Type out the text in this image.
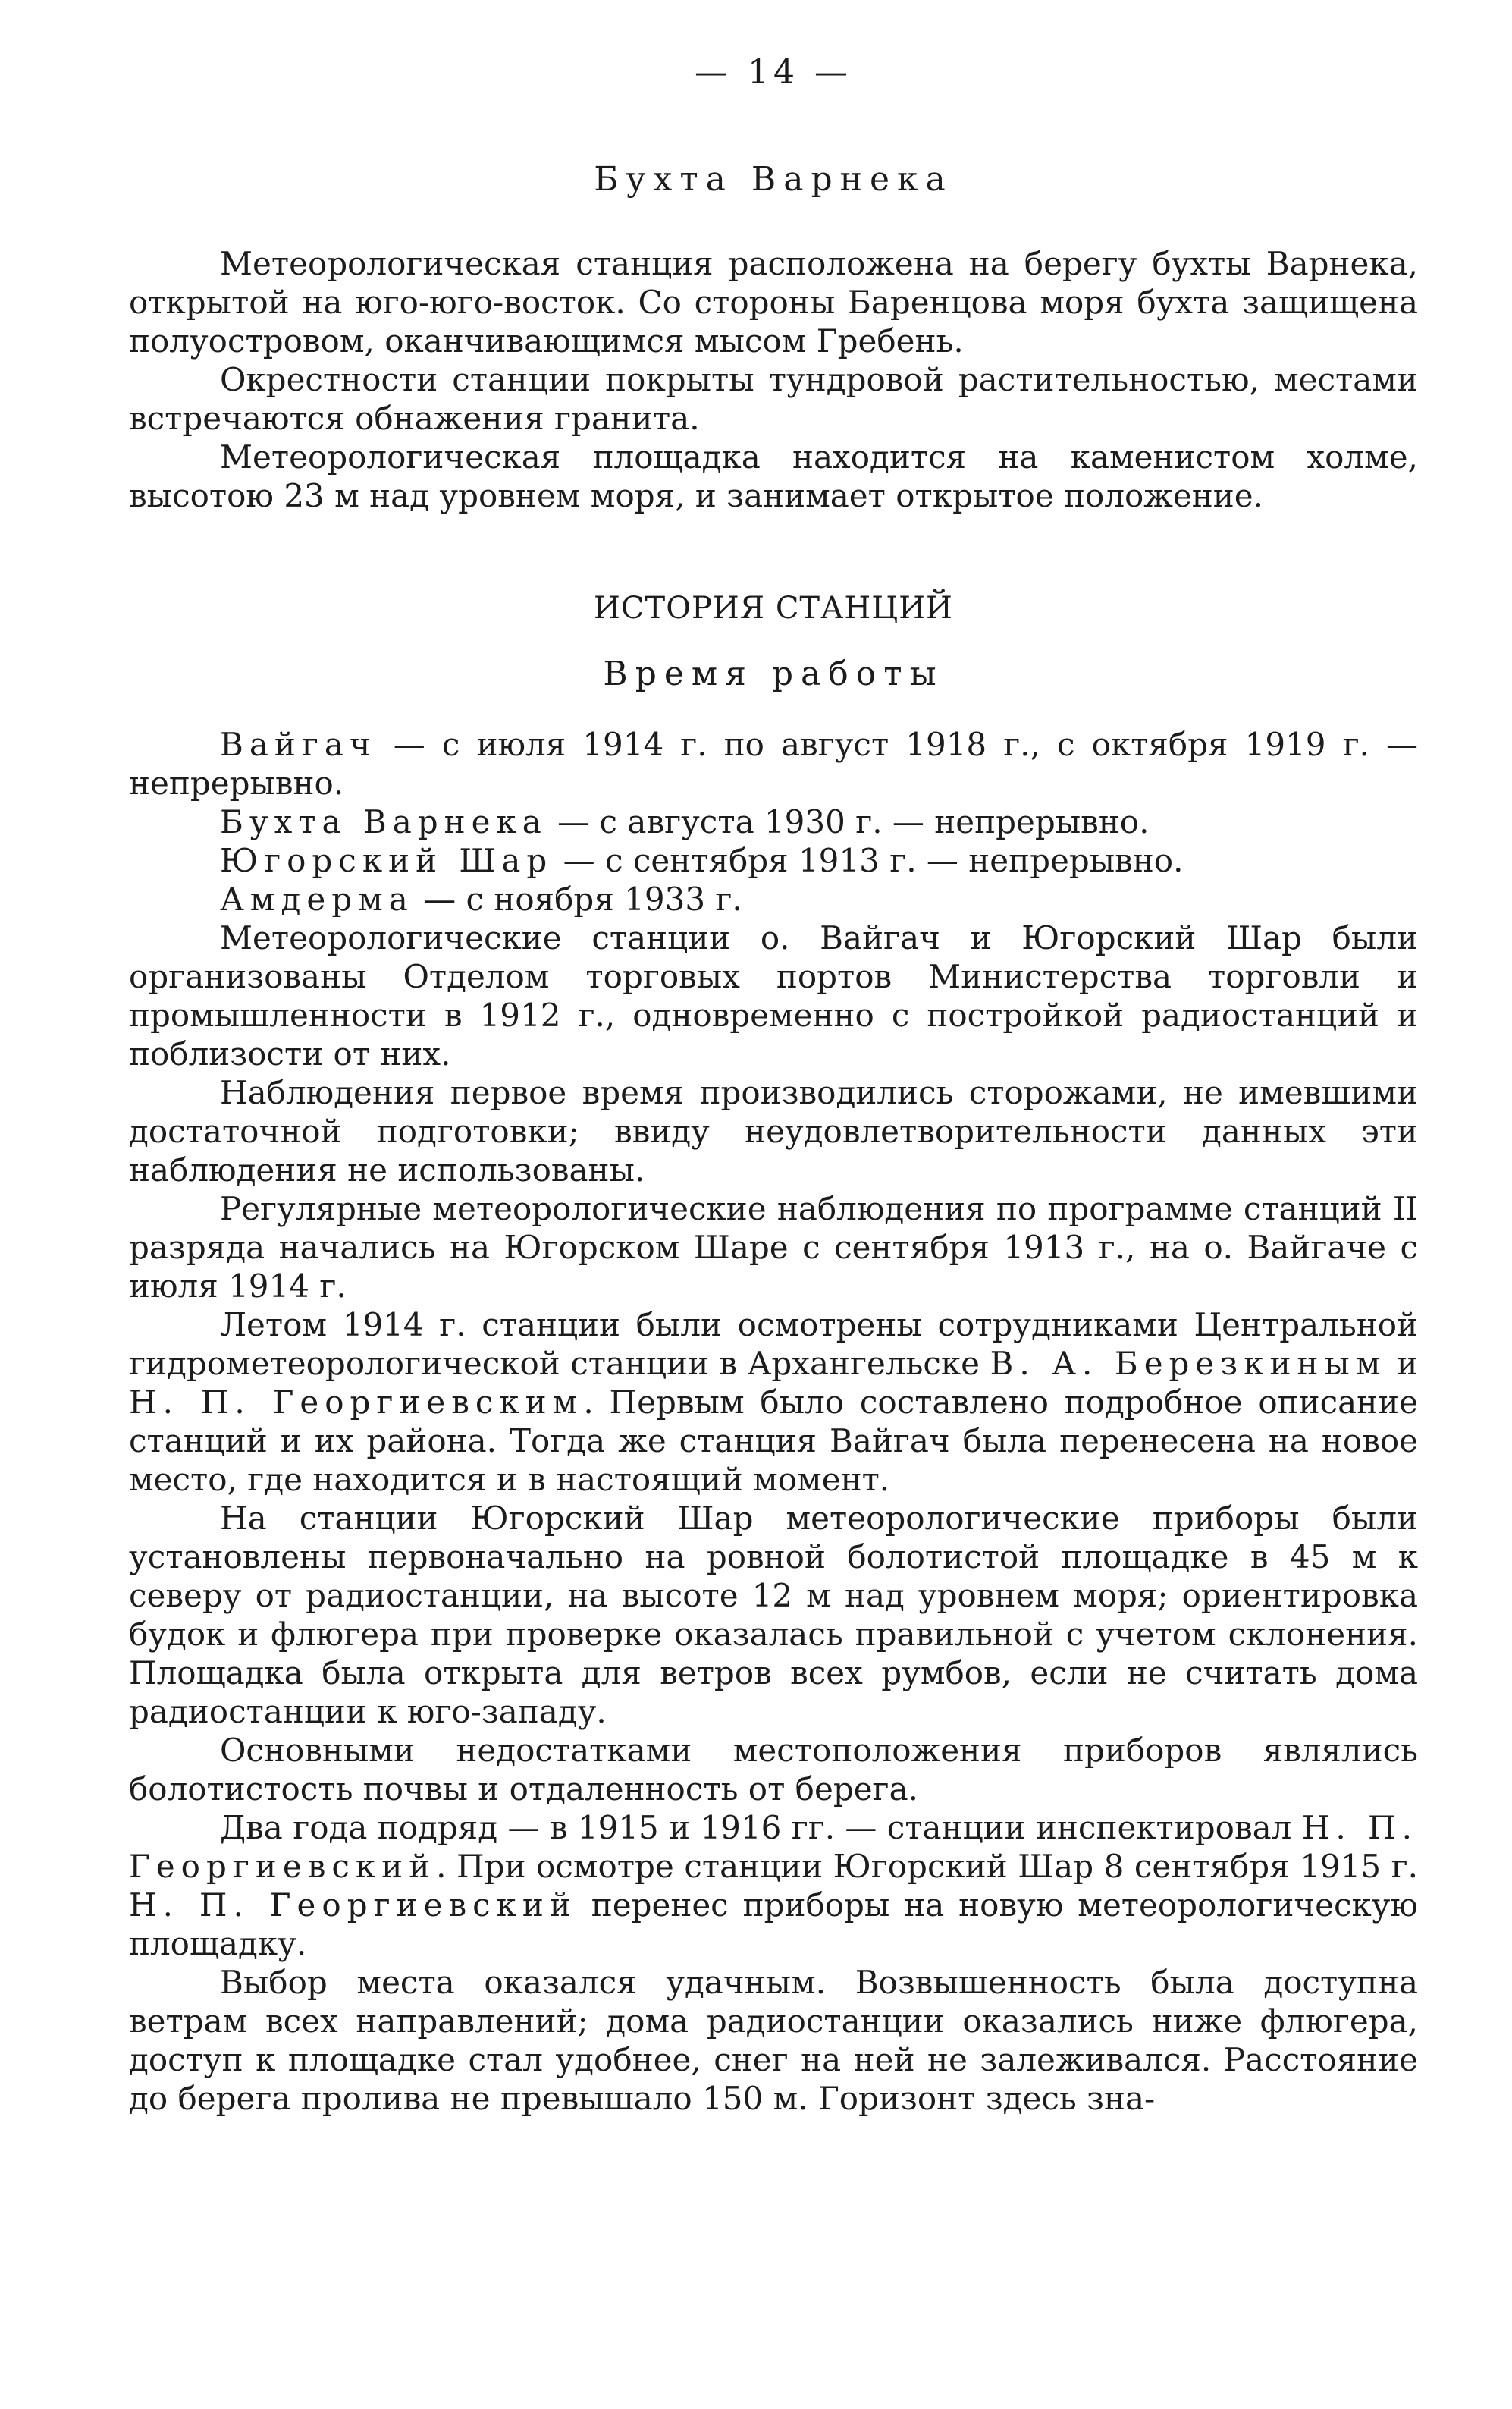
— 14 —
Бухта Варнека

Метеорологическая станция расположена на берегу бухты Варнека, открытой на юго-юго-восток. Со стороны Баренцова моря бухта защищена полуостровом, оканчивающимся мысом Гребень.

Окрестности станции покрыты тундровой растительностью, местами встречаются обнажения гранита.

Метеорологическая площадка находится на каменистом холме, высотою 23 м над уровнем моря, и занимает открытое положение.

ИСТОРИЯ СТАНЦИЙ
Время работы

Вайгач — с июля 1914 г. по август 1918 г., с октября 1919 г. — непрерывно.

Бухта Варнека — с августа 1930 г. — непрерывно.

Югорский Шар — с сентября 1913 г. — непрерывно.

Амдерма — с ноября 1933 г.

Метеорологические станции о. Вайгач и Югорский Шар были организованы Отделом торговых портов Министерства торговли и промышленности в 1912 г., одновременно с постройкой радиостанций и поблизости от них.

Наблюдения первое время производились сторожами, не имевшими достаточной подготовки; ввиду неудовлетворительности данных эти наблюдения не использованы.

Регулярные метеорологические наблюдения по программе станций II разряда начались на Югорском Шаре с сентября 1913 г., на о. Вайгаче с июля 1914 г.

Летом 1914 г. станции были осмотрены сотрудниками Центральной гидрометеорологической станции в Архангельске В. А. Березкиным и Н. П. Георгиевским. Первым было составлено подробное описание станций и их района. Тогда же станция Вайгач была перенесена на новое место, где находится и в настоящий момент.

На станции Югорский Шар метеорологические приборы были установлены первоначально на ровной болотистой площадке в 45 м к северу от радиостанции, на высоте 12 м над уровнем моря; ориентировка будок и флюгера при проверке оказалась правильной с учетом склонения. Площадка была открыта для ветров всех румбов, если не считать дома радиостанции к юго-западу.

Основными недостатками местоположения приборов являлись болотистость почвы и отдаленность от берега.

Два года подряд — в 1915 и 1916 гг. — станции инспектировал Н. П. Георгиевский. При осмотре станции Югорский Шар 8 сентября 1915 г. Н. П. Георгиевский перенес приборы на новую метеорологическую площадку.

Выбор места оказался удачным. Возвышенность была доступна ветрам всех направлений; дома радиостанции оказались ниже флюгера, доступ к площадке стал удобнее, снег на ней не залеживался. Расстояние до берега пролива не превышало 150 м. Горизонт здесь зна-
